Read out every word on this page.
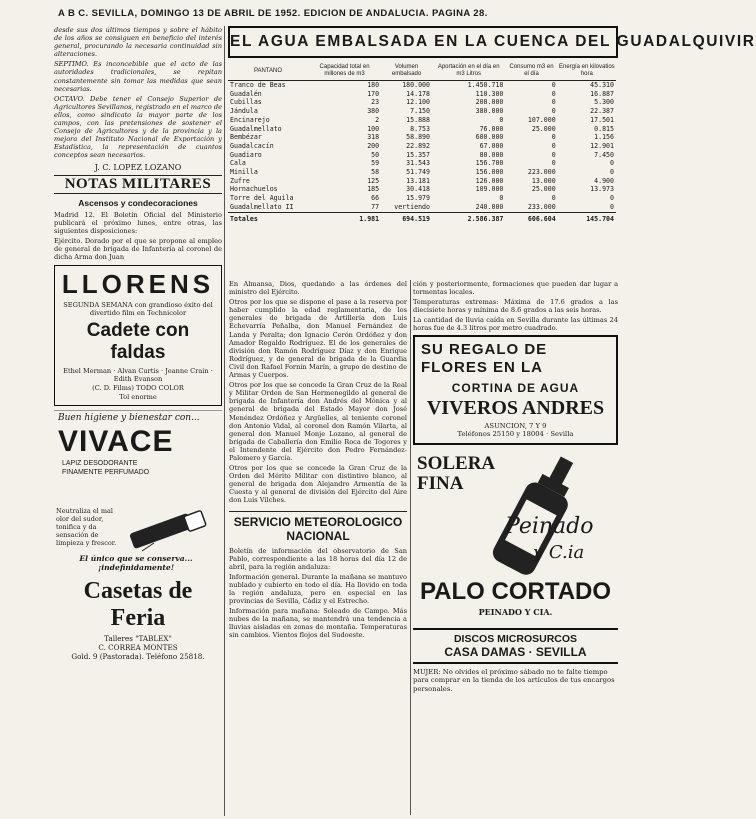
A B C. SEVILLA, DOMINGO 13 DE ABRIL DE 1952. EDICION DE ANDALUCIA. PAGINA 28.

desde sus dos últimos tiempos y sobre el hábito de los años se consiguen en beneficio del interés general, procurando la necesaria continuidad sin alteraciones.

SEPTIMO. Es inconcebible que el acto de las autoridades tradicionales, se repitan constantemente sin tomar las medidas que sean necesarias.

OCTAVO. Debe tener el Consejo Superior de Agricultores Sevillanos, registrado en el marco de ellos, como sindicato la mayor parte de los campos, con las pretensiones de sostener el Consejo de Agricultores y de la provincia y la mejora del Instituto Nacional de Exportación y Estadística, la representación de cuantos conceptos sean necesarios.

J. C. LOPEZ LOZANO
NOTAS MILITARES
Ascensos y condecoraciones

Madrid 12. El Boletín Oficial del Ministerio publicará el próximo lunes, entre otras, las siguientes disposiciones:

Ejército. Dorado por el que se propone al empleo de general de brigada de Infantería al coronel de dicha Arma don Juan

LLORENS
SEGUNDA SEMANA con grandioso éxito del divertido film en Technicolor
Cadete con faldas
Ethel Merman · Alvan Curtis · Jeanne Crain · Edith Evanson
(C. D. Films) TODO COLOR
Tol enorme
Buen higiene y bienestar con...
VIVACE
LAPIZ DESODORANTE
FINAMENTE PERFUMADO
Neutraliza el mal olor del sudor, tonifica y da sensación de limpieza y frescor.
El único que se conserva... ¡indefinidamente!
Casetas de Feria
Talleres "TABLEX"
C. CORREA MONTES
Gold. 9 (Pastorada). Teléfono 25818.
EL AGUA EMBALSADA EN LA CUENCA DEL GUADALQUIVIR
PANTANO	Capacidad total en millones de m3	Volumen embalsado	Aportación en el día en m3 Litros	Consumo m3 en el día	Energía en kilovatios hora
Tranco de Beas	180	180.000	1.450.718	0	45.310
Guadalén	170	14.178	110.300	0	16.887
Cubillas	23	12.100	208.000	0	5.300
Jándula	380	7.150	380.000	0	22.387
Encinarejo	2	15.888	0	107.000	17.501
Guadalmellato	100	8.753	76.000	25.000	0.815
Bembézar	318	58.890	600.000	0	1.156
Guadalcacín	200	22.892	67.000	0	12.901
Guadiaro	50	15.357	80.000	0	7.450
Cala	59	31.543	156.700	0	0
Minilla	58	51.749	156.000	223.000	0
Zufre	125	13.181	126.000	13.000	4.900
Hornachuelos	185	30.418	109.000	25.000	13.973
Torre del Aguila	66	15.979	0	0	0
Guadalmellato II	77	vertiendo	240.000	233.000	0
Totales	1.981	694.519	2.586.387	606.604	145.704

En Almansa, Dios, quedando a las órdenes del ministro del Ejército.

Otros por los que se dispone el pase a la reserva por haber cumplido la edad reglamentaria, de los generales de brigada de Artillería don Luis Echevarría Peñalba, don Manuel Fernández de Landa y Peralta; don Ignacio Cerón Ordóñez y don Amador Regaldo Rodríguez. El de los generales de división don Ramón Rodríguez Díaz y don Enrique Rodríguez, y de general de brigada de la Guardia Civil don Rafael Fornín Marín, a grupo de destino de Armas y Cuerpos.

Otros por los que se concede la Gran Cruz de la Real y Militar Orden de San Hermenegildo al general de brigada de Infantería don Andrés del Mónica y al general de brigada del Estado Mayor don José Menéndez Ordóñez y Argüelles, al teniente coronel don Antonio Vidal, al coronel don Ramón Vilarta, al general don Manuel Monje Lozano, al general de brigada de Caballería don Emilio Roca de Togores y el Intendente del Ejército don Pedro Fernández-Palomero y García.

Otros por los que se concede la Gran Cruz de la Orden del Mérito Militar con distintivo blanco, al general de brigada don Alejandro Armentía de la Cuesta y al general de división del Ejército del Aire don Luis Vilches.

SERVICIO METEOROLOGICO NACIONAL

Boletín de información del observatorio de San Pablo, correspondiente a las 18 horas del día 12 de abril, para la región andaluza:

Información general. Durante la mañana se mantuvo nublado y cubierto en todo el día. Ha llovido en toda la región andaluza, pero en especial en las provincias de Sevilla, Cádiz y el Estrecho.

Información para mañana: Soleado de Campo. Más nubes de la mañana, se mantendrá una tendencia a lluvias aisladas en zonas de montaña. Temperaturas sin cambios. Vientos flojos del Sudoeste.

ción y posteriormente, formaciones que pueden dar lugar a tormentas locales.

Temperaturas extremas: Máxima de 17.6 grados a las diecisiete horas y mínima de 8.6 grados a las seis horas.

La cantidad de lluvia caída en Sevilla durante las últimas 24 horas fue de 4.3 litros por metro cuadrado.

SU REGALO DE
FLORES EN LA
CORTINA DE AGUA
VIVEROS ANDRES
ASUNCION, 7 Y 9
Teléfonos 25150 y 18004 · Sevilla
SOLERA
FINA
Peinado
y C.ia
PALO CORTADO
PEINADO Y CIA.
DISCOS MICROSURCOS
CASA DAMAS · SEVILLA
MUJER: No olvides el próximo sábado no te falte tiempo para comprar en la tienda de los artículos de tus encargos personales.
